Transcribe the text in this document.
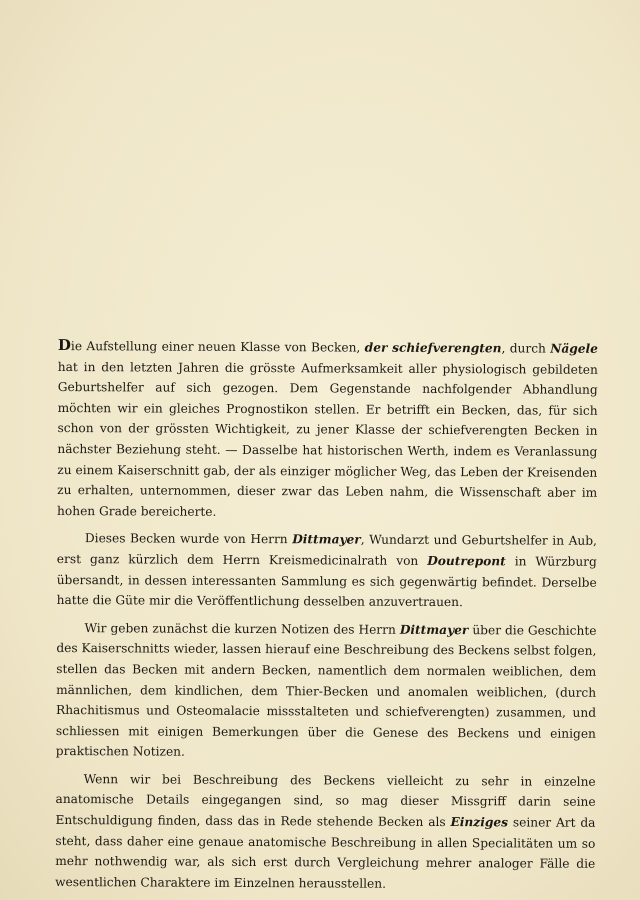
Die Aufstellung einer neuen Klasse von Becken, der schiefverengten, durch Nägele hat in den letzten Jahren die grösste Aufmerksamkeit aller physiologisch gebildeten Geburtshelfer auf sich gezogen. Dem Gegenstande nachfolgender Abhandlung möchten wir ein gleiches Prognostikon stellen. Er betrifft ein Becken, das, für sich schon von der grössten Wichtigkeit, zu jener Klasse der schiefverengten Becken in nächster Beziehung steht. — Dasselbe hat historischen Werth, indem es Veranlassung zu einem Kaiserschnitt gab, der als einziger möglicher Weg, das Leben der Kreisenden zu erhalten, unternommen, dieser zwar das Leben nahm, die Wissenschaft aber im hohen Grade bereicherte.

Dieses Becken wurde von Herrn Dittmayer, Wundarzt und Geburtshelfer in Aub, erst ganz kürzlich dem Herrn Kreismedicinalrath von Doutrepont in Würzburg übersandt, in dessen interessanten Sammlung es sich gegenwärtig befindet. Derselbe hatte die Güte mir die Veröffentlichung desselben anzuvertrauen.

Wir geben zunächst die kurzen Notizen des Herrn Dittmayer über die Geschichte des Kaiserschnitts wieder, lassen hierauf eine Beschreibung des Beckens selbst folgen, stellen das Becken mit andern Becken, namentlich dem normalen weiblichen, dem männlichen, dem kindlichen, dem Thier-Becken und anomalen weiblichen, (durch Rhachitismus und Osteomalacie missstalteten und schiefverengten) zusammen, und schliessen mit einigen Bemerkungen über die Genese des Beckens und einigen praktischen Notizen.

Wenn wir bei Beschreibung des Beckens vielleicht zu sehr in einzelne anatomische Details eingegangen sind, so mag dieser Missgriff darin seine Entschuldigung finden, dass das in Rede stehende Becken als Einziges seiner Art da steht, dass daher eine genaue anatomische Beschreibung in allen Specialitäten um so mehr nothwendig war, als sich erst durch Vergleichung mehrer analoger Fälle die wesentlichen Charaktere im Einzelnen herausstellen.
